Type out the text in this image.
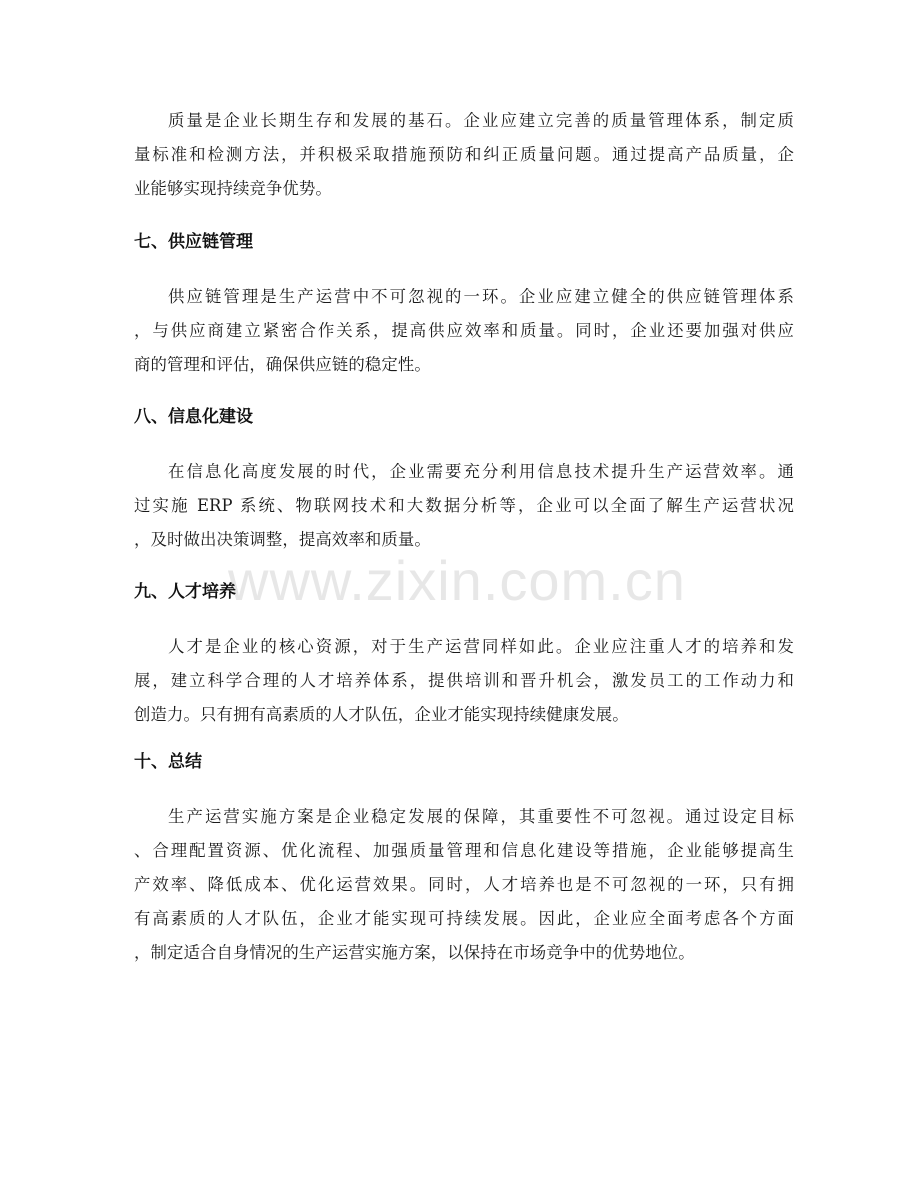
www.zixin.com.cn
质量是企业长期生存和发展的基石。企业应建立完善的质量管理体系，制定质
量标准和检测方法，并积极采取措施预防和纠正质量问题。通过提高产品质量，企
业能够实现持续竞争优势。
七、供应链管理
供应链管理是生产运营中不可忽视的一环。企业应建立健全的供应链管理体系
，与供应商建立紧密合作关系，提高供应效率和质量。同时，企业还要加强对供应
商的管理和评估，确保供应链的稳定性。
八、信息化建设
在信息化高度发展的时代，企业需要充分利用信息技术提升生产运营效率。通
过实施 ERP 系统、物联网技术和大数据分析等，企业可以全面了解生产运营状况
，及时做出决策调整，提高效率和质量。
九、人才培养
人才是企业的核心资源，对于生产运营同样如此。企业应注重人才的培养和发
展，建立科学合理的人才培养体系，提供培训和晋升机会，激发员工的工作动力和
创造力。只有拥有高素质的人才队伍，企业才能实现持续健康发展。
十、总结
生产运营实施方案是企业稳定发展的保障，其重要性不可忽视。通过设定目标
、合理配置资源、优化流程、加强质量管理和信息化建设等措施，企业能够提高生
产效率、降低成本、优化运营效果。同时，人才培养也是不可忽视的一环，只有拥
有高素质的人才队伍，企业才能实现可持续发展。因此，企业应全面考虑各个方面
，制定适合自身情况的生产运营实施方案，以保持在市场竞争中的优势地位。
